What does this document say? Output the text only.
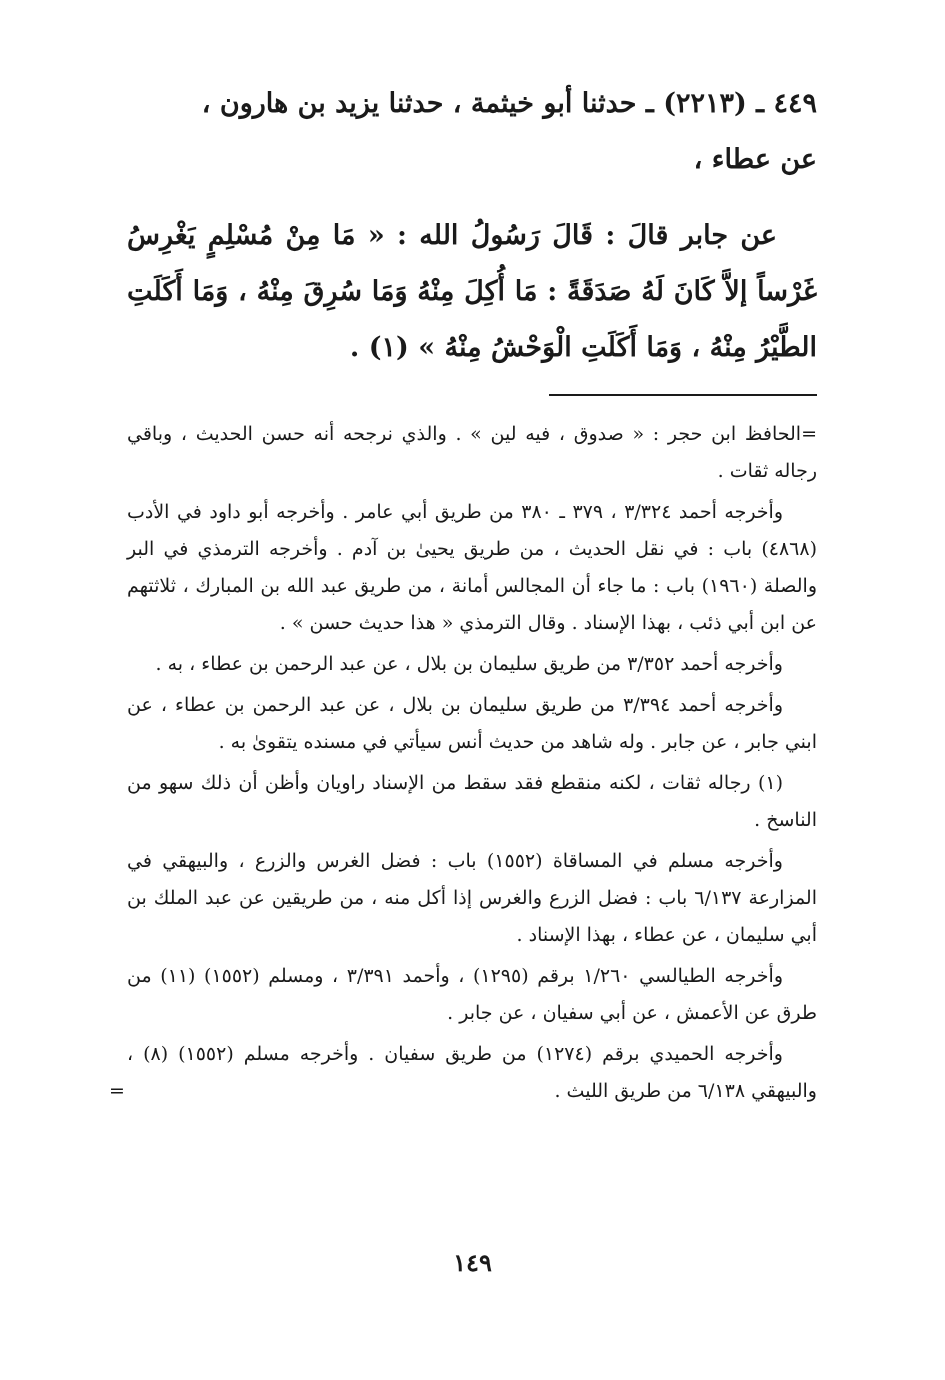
٤٤٩ ـ (٢٢١٣) ـ حدثنا أبو خيثمة ، حدثنا يزيد بن هارون ،
عن عطاء ،
عن جابر قالَ : قَالَ رَسُولُ الله : « مَا مِنْ مُسْلِمٍ يَغْرِسُ غَرْساً إلاَّ كَانَ لَهُ صَدَقَةً : مَا أُكِلَ مِنْهُ وَمَا سُرِقَ مِنْهُ ، وَمَا أَكَلَتِ الطَّيْرُ مِنْهُ ، وَمَا أَكَلَتِ الْوَحْشُ مِنْهُ » (١) .

=الحافظ ابن حجر : « صدوق ، فيه لين » . والذي نرجحه أنه حسن الحديث ، وباقي رجاله ثقات .

وأخرجه أحمد ٣/٣٢٤ ، ٣٧٩ ـ ٣٨٠ من طريق أبي عامر . وأخرجه أبو داود في الأدب (٤٨٦٨) باب : في نقل الحديث ، من طريق يحيىٰ بن آدم . وأخرجه الترمذي في البر والصلة (١٩٦٠) باب : ما جاء أن المجالس أمانة ، من طريق عبد الله بن المبارك ، ثلاثتهم عن ابن أبي ذئب ، بهذا الإسناد . وقال الترمذي « هذا حديث حسن » .

وأخرجه أحمد ٣/٣٥٢ من طريق سليمان بن بلال ، عن عبد الرحمن بن عطاء ، به .

وأخرجه أحمد ٣/٣٩٤ من طريق سليمان بن بلال ، عن عبد الرحمن بن عطاء ، عن ابني جابر ، عن جابر . وله شاهد من حديث أنس سيأتي في مسنده يتقوىٰ به .

(١) رجاله ثقات ، لكنه منقطع فقد سقط من الإسناد راويان وأظن أن ذلك سهو من الناسخ .

وأخرجه مسلم في المساقاة (١٥٥٢) باب : فضل الغرس والزرع ، والبيهقي في المزارعة ٦/١٣٧ باب : فضل الزرع والغرس إذا أكل منه ، من طريقين عن عبد الملك بن أبي سليمان ، عن عطاء ، بهذا الإسناد .

وأخرجه الطيالسي ١/٢٦٠ برقم (١٢٩٥) ، وأحمد ٣/٣٩١ ، ومسلم (١٥٥٢) (١١) من طرق عن الأعمش ، عن أبي سفيان ، عن جابر .

وأخرجه الحميدي برقم (١٢٧٤) من طريق سفيان . وأخرجه مسلم (١٥٥٢) (٨) ، والبيهقي ٦/١٣٨ من طريق الليث .
=

١٤٩
